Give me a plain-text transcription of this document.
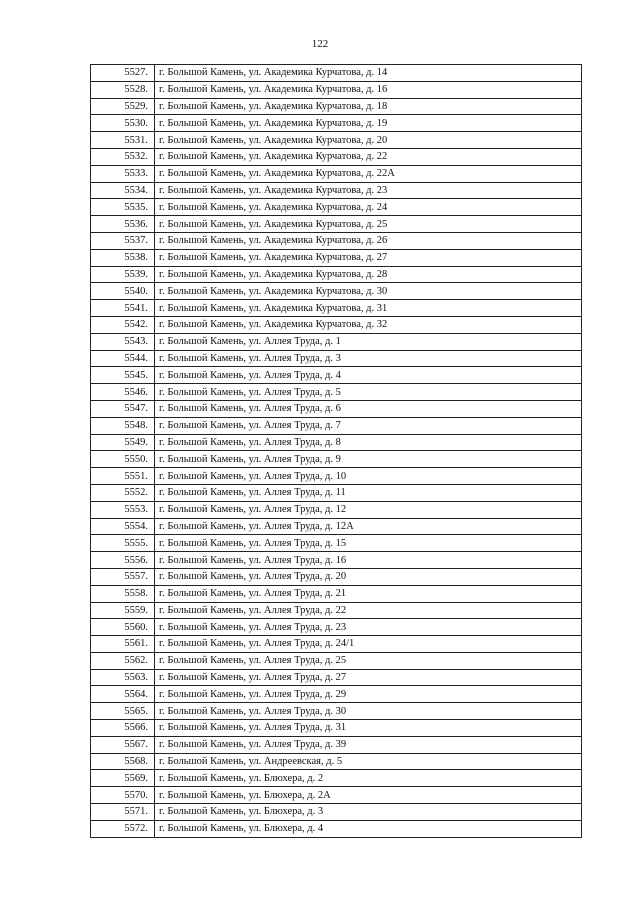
122
5527.	г. Большой Камень, ул. Академика Курчатова, д. 14
5528.	г. Большой Камень, ул. Академика Курчатова, д. 16
5529.	г. Большой Камень, ул. Академика Курчатова, д. 18
5530.	г. Большой Камень, ул. Академика Курчатова, д. 19
5531.	г. Большой Камень, ул. Академика Курчатова, д. 20
5532.	г. Большой Камень, ул. Академика Курчатова, д. 22
5533.	г. Большой Камень, ул. Академика Курчатова, д. 22А
5534.	г. Большой Камень, ул. Академика Курчатова, д. 23
5535.	г. Большой Камень, ул. Академика Курчатова, д. 24
5536.	г. Большой Камень, ул. Академика Курчатова, д. 25
5537.	г. Большой Камень, ул. Академика Курчатова, д. 26
5538.	г. Большой Камень, ул. Академика Курчатова, д. 27
5539.	г. Большой Камень, ул. Академика Курчатова, д. 28
5540.	г. Большой Камень, ул. Академика Курчатова, д. 30
5541.	г. Большой Камень, ул. Академика Курчатова, д. 31
5542.	г. Большой Камень, ул. Академика Курчатова, д. 32
5543.	г. Большой Камень, ул. Аллея Труда, д. 1
5544.	г. Большой Камень, ул. Аллея Труда, д. 3
5545.	г. Большой Камень, ул. Аллея Труда, д. 4
5546.	г. Большой Камень, ул. Аллея Труда, д. 5
5547.	г. Большой Камень, ул. Аллея Труда, д. 6
5548.	г. Большой Камень, ул. Аллея Труда, д. 7
5549.	г. Большой Камень, ул. Аллея Труда, д. 8
5550.	г. Большой Камень, ул. Аллея Труда, д. 9
5551.	г. Большой Камень, ул. Аллея Труда, д. 10
5552.	г. Большой Камень, ул. Аллея Труда, д. 11
5553.	г. Большой Камень, ул. Аллея Труда, д. 12
5554.	г. Большой Камень, ул. Аллея Труда, д. 12А
5555.	г. Большой Камень, ул. Аллея Труда, д. 15
5556.	г. Большой Камень, ул. Аллея Труда, д. 16
5557.	г. Большой Камень, ул. Аллея Труда, д. 20
5558.	г. Большой Камень, ул. Аллея Труда, д. 21
5559.	г. Большой Камень, ул. Аллея Труда, д. 22
5560.	г. Большой Камень, ул. Аллея Труда, д. 23
5561.	г. Большой Камень, ул. Аллея Труда, д. 24/1
5562.	г. Большой Камень, ул. Аллея Труда, д. 25
5563.	г. Большой Камень, ул. Аллея Труда, д. 27
5564.	г. Большой Камень, ул. Аллея Труда, д. 29
5565.	г. Большой Камень, ул. Аллея Труда, д. 30
5566.	г. Большой Камень, ул. Аллея Труда, д. 31
5567.	г. Большой Камень, ул. Аллея Труда, д. 39
5568.	г. Большой Камень, ул. Андреевская, д. 5
5569.	г. Большой Камень, ул. Блюхера, д. 2
5570.	г. Большой Камень, ул. Блюхера, д. 2А
5571.	г. Большой Камень, ул. Блюхера, д. 3
5572.	г. Большой Камень, ул. Блюхера, д. 4
